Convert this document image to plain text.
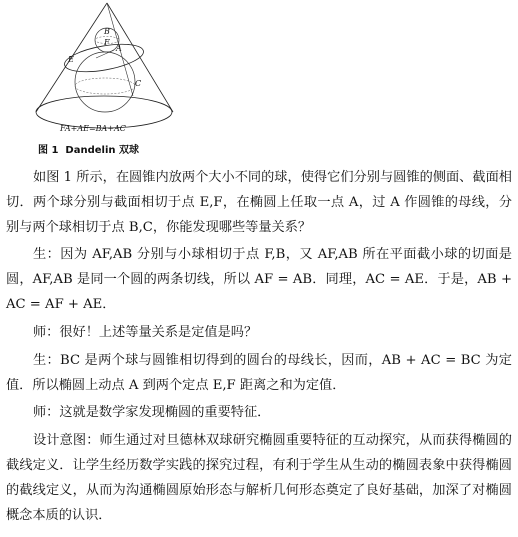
B
F
A
E
C
FA+AE=BA+AC
图 1 Dandelin 双球

如图 1 所示，在圆锥内放两个大小不同的球，使得它们分别与圆锥的侧面、截面相切．两个球分别与截面相切于点 E,F，在椭圆上任取一点 A，过 A 作圆锥的母线，分别与两个球相切于点 B,C，你能发现哪些等量关系？

生：因为 AF,AB 分别与小球相切于点 F,B，又 AF,AB 所在平面截小球的切面是圆，AF,AB 是同一个圆的两条切线，所以 AF = AB．同理，AC = AE．于是，AB + AC = AF + AE．

师：很好！上述等量关系是定值是吗？

生：BC 是两个球与圆锥相切得到的圆台的母线长，因而，AB + AC = BC 为定值．所以椭圆上动点 A 到两个定点 E,F 距离之和为定值．

师：这就是数学家发现椭圆的重要特征．

设计意图：师生通过对旦德林双球研究椭圆重要特征的互动探究，从而获得椭圆的截线定义．让学生经历数学实践的探究过程，有利于学生从生动的椭圆表象中获得椭圆的截线定义，从而为沟通椭圆原始形态与解析几何形态奠定了良好基础，加深了对椭圆概念本质的认识．
